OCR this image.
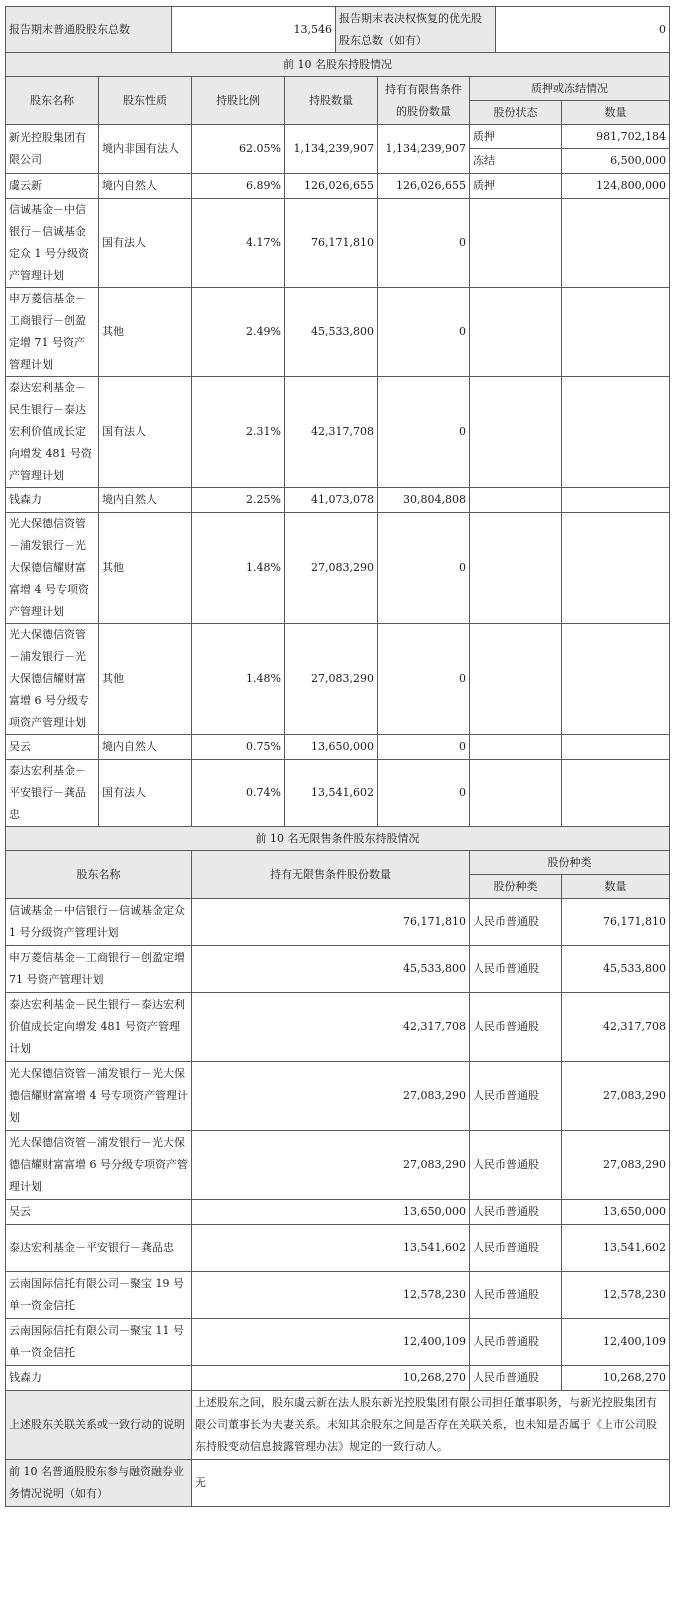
报告期末普通股股东总数	13,546	报告期末表决权恢复的优先股股东总数（如有）	0
前 10 名股东持股情况						
股东名称	股东性质	持股比例	持股数量	持有有限售条件的股份数量	质押或冻结情况	
					股份状态	数量
新光控股集团有限公司	境内非国有法人	62.05%	1,134,239,907	1,134,239,907	质押	981,702,184
					冻结	6,500,000
虞云新	境内自然人	6.89%	126,026,655	126,026,655	质押	124,800,000
信诚基金－中信银行－信诚基金定众 1 号分级资产管理计划	国有法人	4.17%	76,171,810	0		
申万菱信基金－工商银行－创盈定增 71 号资产管理计划	其他	2.49%	45,533,800	0		
泰达宏利基金－民生银行－泰达宏利价值成长定向增发 481 号资产管理计划	国有法人	2.31%	42,317,708	0		
钱森力	境内自然人	2.25%	41,073,078	30,804,808		
光大保德信资管－浦发银行－光大保德信耀财富富增 4 号专项资产管理计划	其他	1.48%	27,083,290	0		
光大保德信资管－浦发银行－光大保德信耀财富富增 6 号分级专项资产管理计划	其他	1.48%	27,083,290	0		
吴云	境内自然人	0.75%	13,650,000	0		
泰达宏利基金－平安银行－龚品忠	国有法人	0.74%	13,541,602	0		
前 10 名无限售条件股东持股情况			
股东名称	持有无限售条件股份数量	股份种类	
		股份种类	数量
信诚基金－中信银行－信诚基金定众 1 号分级资产管理计划	76,171,810	人民币普通股	76,171,810
申万菱信基金－工商银行－创盈定增 71 号资产管理计划	45,533,800	人民币普通股	45,533,800
泰达宏利基金－民生银行－泰达宏利价值成长定向增发 481 号资产管理计划	42,317,708	人民币普通股	42,317,708
光大保德信资管－浦发银行－光大保德信耀财富富增 4 号专项资产管理计划	27,083,290	人民币普通股	27,083,290
光大保德信资管－浦发银行－光大保德信耀财富富增 6 号分级专项资产管理计划	27,083,290	人民币普通股	27,083,290
吴云	13,650,000	人民币普通股	13,650,000
泰达宏利基金－平安银行－龚品忠	13,541,602	人民币普通股	13,541,602
云南国际信托有限公司－聚宝 19 号单一资金信托	12,578,230	人民币普通股	12,578,230
云南国际信托有限公司－聚宝 11 号单一资金信托	12,400,109	人民币普通股	12,400,109
钱森力	10,268,270	人民币普通股	10,268,270
上述股东关联关系或一致行动的说明	上述股东之间，股东虞云新在法人股东新光控股集团有限公司担任董事职务，与新光控股集团有限公司董事长为夫妻关系。未知其余股东之间是否存在关联关系，也未知是否属于《上市公司股东持股变动信息披露管理办法》规定的一致行动人。
前 10 名普通股股东参与融资融券业务情况说明（如有）	无
